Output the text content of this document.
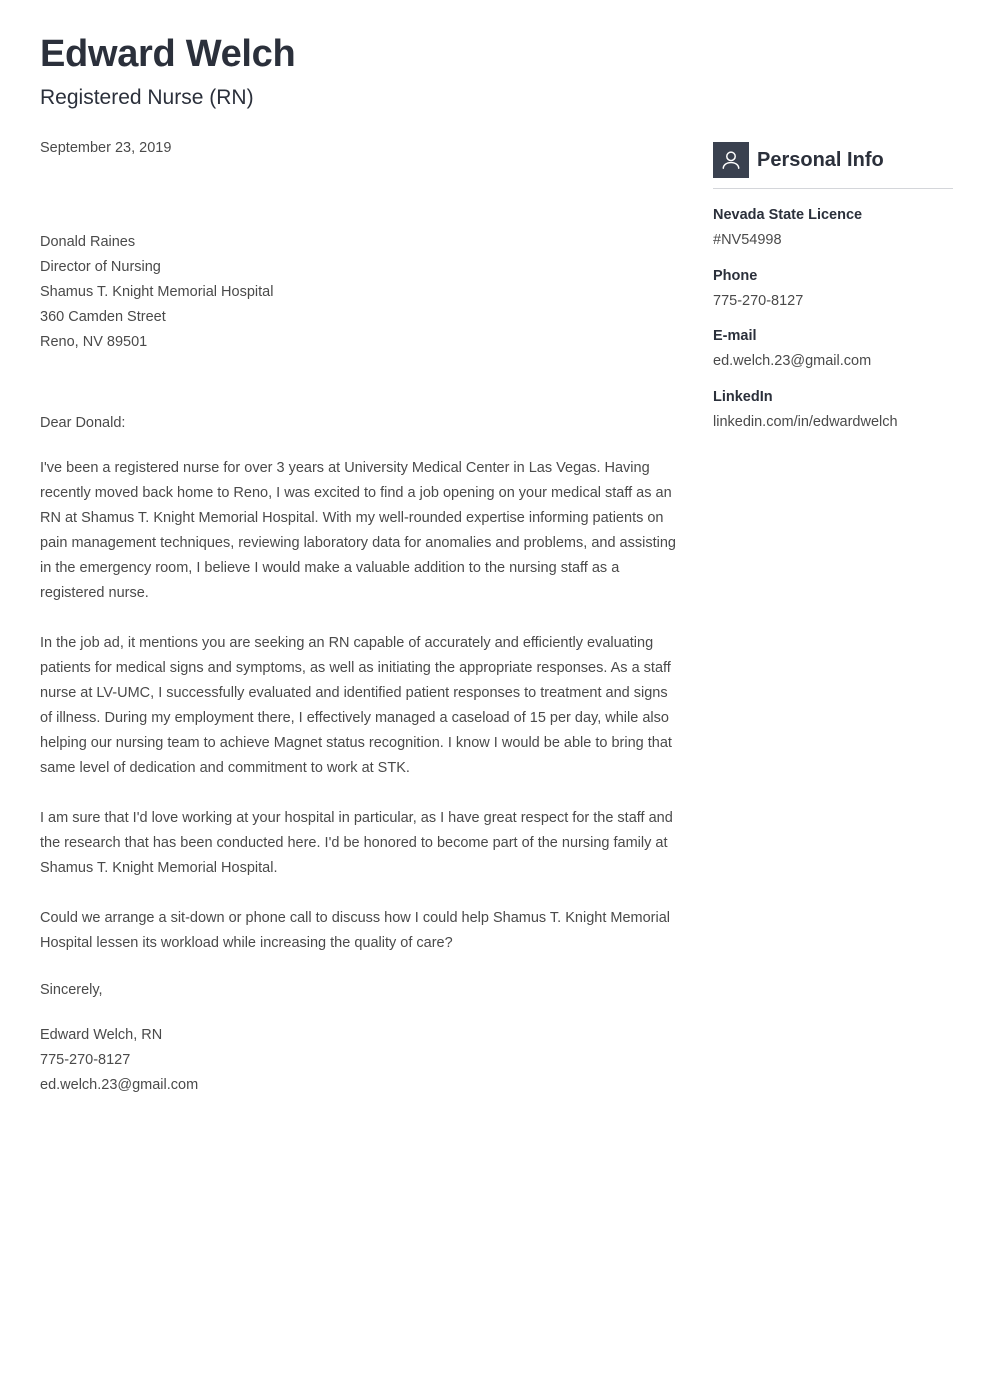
Edward Welch
Registered Nurse (RN)
September 23, 2019
Donald Raines
Director of Nursing
Shamus T. Knight Memorial Hospital
360 Camden Street
Reno, NV 89501
Dear Donald:

I've been a registered nurse for over 3 years at University Medical Center in Las Vegas. Having recently moved back home to Reno, I was excited to find a job opening on your medical staff as an RN at Shamus T. Knight Memorial Hospital. With my well-rounded expertise informing patients on pain management techniques, reviewing laboratory data for anomalies and problems, and assisting in the emergency room, I believe I would make a valuable addition to the nursing staff as a registered nurse.

In the job ad, it mentions you are seeking an RN capable of accurately and efficiently evaluating patients for medical signs and symptoms, as well as initiating the appropriate responses. As a staff nurse at LV-UMC, I successfully evaluated and identified patient responses to treatment and signs of illness. During my employment there, I effectively managed a caseload of 15 per day, while also helping our nursing team to achieve Magnet status recognition. I know I would be able to bring that same level of dedication and commitment to work at STK.

I am sure that I'd love working at your hospital in particular, as I have great respect for the staff and the research that has been conducted here. I'd be honored to become part of the nursing family at Shamus T. Knight Memorial Hospital.

Could we arrange a sit-down or phone call to discuss how I could help Shamus T. Knight Memorial Hospital lessen its workload while increasing the quality of care?

Sincerely,
Edward Welch, RN
775-270-8127
ed.welch.23@gmail.com
Personal Info
Nevada State Licence
#NV54998
Phone
775-270-8127
E-mail
ed.welch.23@gmail.com
LinkedIn
linkedin.com/in/edwardwelch
